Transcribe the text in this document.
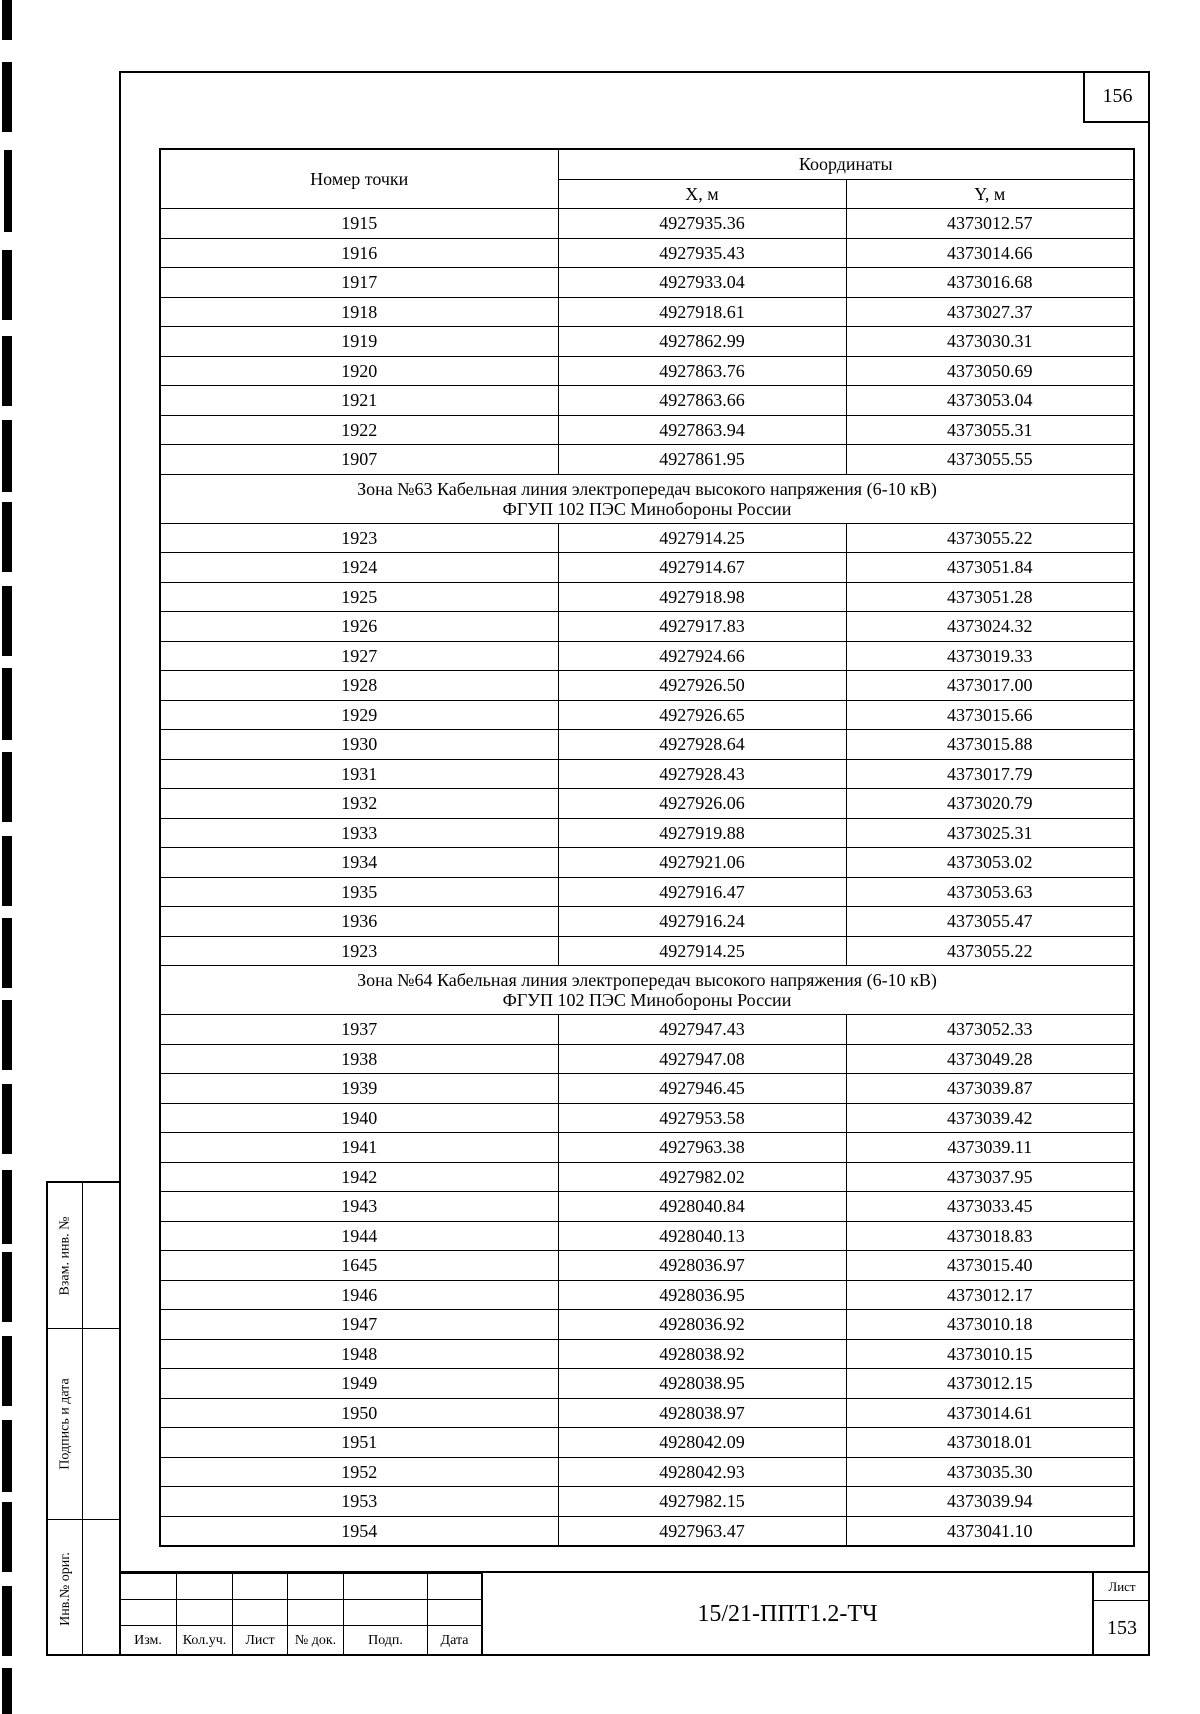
156
Номер точки	Координаты	
	X, м	Y, м
1915	4927935.36	4373012.57
1916	4927935.43	4373014.66
1917	4927933.04	4373016.68
1918	4927918.61	4373027.37
1919	4927862.99	4373030.31
1920	4927863.76	4373050.69
1921	4927863.66	4373053.04
1922	4927863.94	4373055.31
1907	4927861.95	4373055.55

Зона №63 Кабельная линия электропередач высокого напряжения (6-10 кВ)
ФГУП 102 ПЭС Минобороны России		

1923	4927914.25	4373055.22
1924	4927914.67	4373051.84
1925	4927918.98	4373051.28
1926	4927917.83	4373024.32
1927	4927924.66	4373019.33
1928	4927926.50	4373017.00
1929	4927926.65	4373015.66
1930	4927928.64	4373015.88
1931	4927928.43	4373017.79
1932	4927926.06	4373020.79
1933	4927919.88	4373025.31
1934	4927921.06	4373053.02
1935	4927916.47	4373053.63
1936	4927916.24	4373055.47
1923	4927914.25	4373055.22

Зона №64 Кабельная линия электропередач высокого напряжения (6-10 кВ)
ФГУП 102 ПЭС Минобороны России		

1937	4927947.43	4373052.33
1938	4927947.08	4373049.28
1939	4927946.45	4373039.87
1940	4927953.58	4373039.42
1941	4927963.38	4373039.11
1942	4927982.02	4373037.95
1943	4928040.84	4373033.45
1944	4928040.13	4373018.83
1645	4928036.97	4373015.40
1946	4928036.95	4373012.17
1947	4928036.92	4373010.18
1948	4928038.92	4373010.15
1949	4928038.95	4373012.15
1950	4928038.97	4373014.61
1951	4928042.09	4373018.01
1952	4928042.93	4373035.30
1953	4927982.15	4373039.94
1954	4927963.47	4373041.10
Взам. инв. №
Подпись и дата
Инв.№ ориг.

Изм.	Кол.уч.	Лист	№ док.	Подп.	Дата
15/21-ППТ1.2-ТЧ
Лист
153
